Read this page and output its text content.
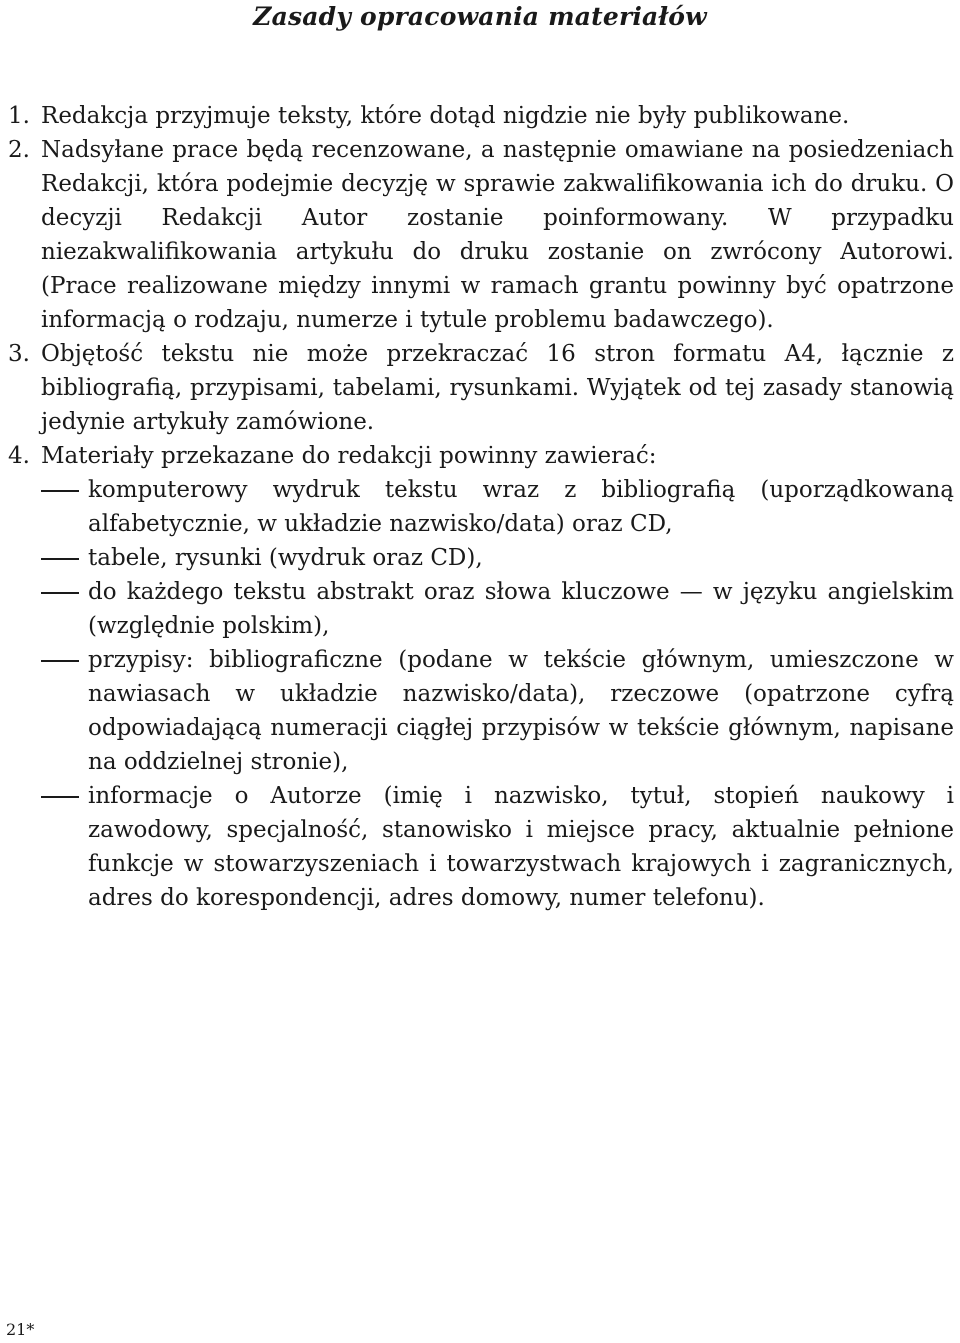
Zasady opracowania materiałów
1. Redakcja przyjmuje teksty, które dotąd nigdzie nie były publikowane.
2. Nadsyłane prace będą recenzowane, a następnie omawiane na posiedzeniach Redakcji, która podejmie decyzję w sprawie zakwalifikowania ich do druku. O decyzji Redakcji Autor zostanie poinformowany. W przypadku niezakwalifikowania artykułu do druku zostanie on zwrócony Autorowi. (Prace realizowane między innymi w ramach grantu powinny być opatrzone informacją o rodzaju, numerze i tytule problemu badawczego).
3. Objętość tekstu nie może przekraczać 16 stron formatu A4, łącznie z bibliografią, przypisami, tabelami, rysunkami. Wyjątek od tej zasady stanowią jedynie artykuły zamówione.
4. Materiały przekazane do redakcji powinny zawierać:
komputerowy wydruk tekstu wraz z bibliografią (uporządkowaną alfabetycznie, w układzie nazwisko/data) oraz CD,
tabele, rysunki (wydruk oraz CD),
do każdego tekstu abstrakt oraz słowa kluczowe — w języku angielskim (względnie polskim),
przypisy: bibliograficzne (podane w tekście głównym, umieszczone w nawiasach w układzie nazwisko/data), rzeczowe (opatrzone cyfrą odpowiadającą numeracji ciągłej przypisów w tekście głównym, napisane na oddzielnej stronie),
informacje o Autorze (imię i nazwisko, tytuł, stopień naukowy i zawodowy, specjalność, stanowisko i miejsce pracy, aktualnie pełnione funkcje w stowarzyszeniach i towarzystwach krajowych i zagranicznych, adres do korespondencji, adres domowy, numer telefonu).
21*
